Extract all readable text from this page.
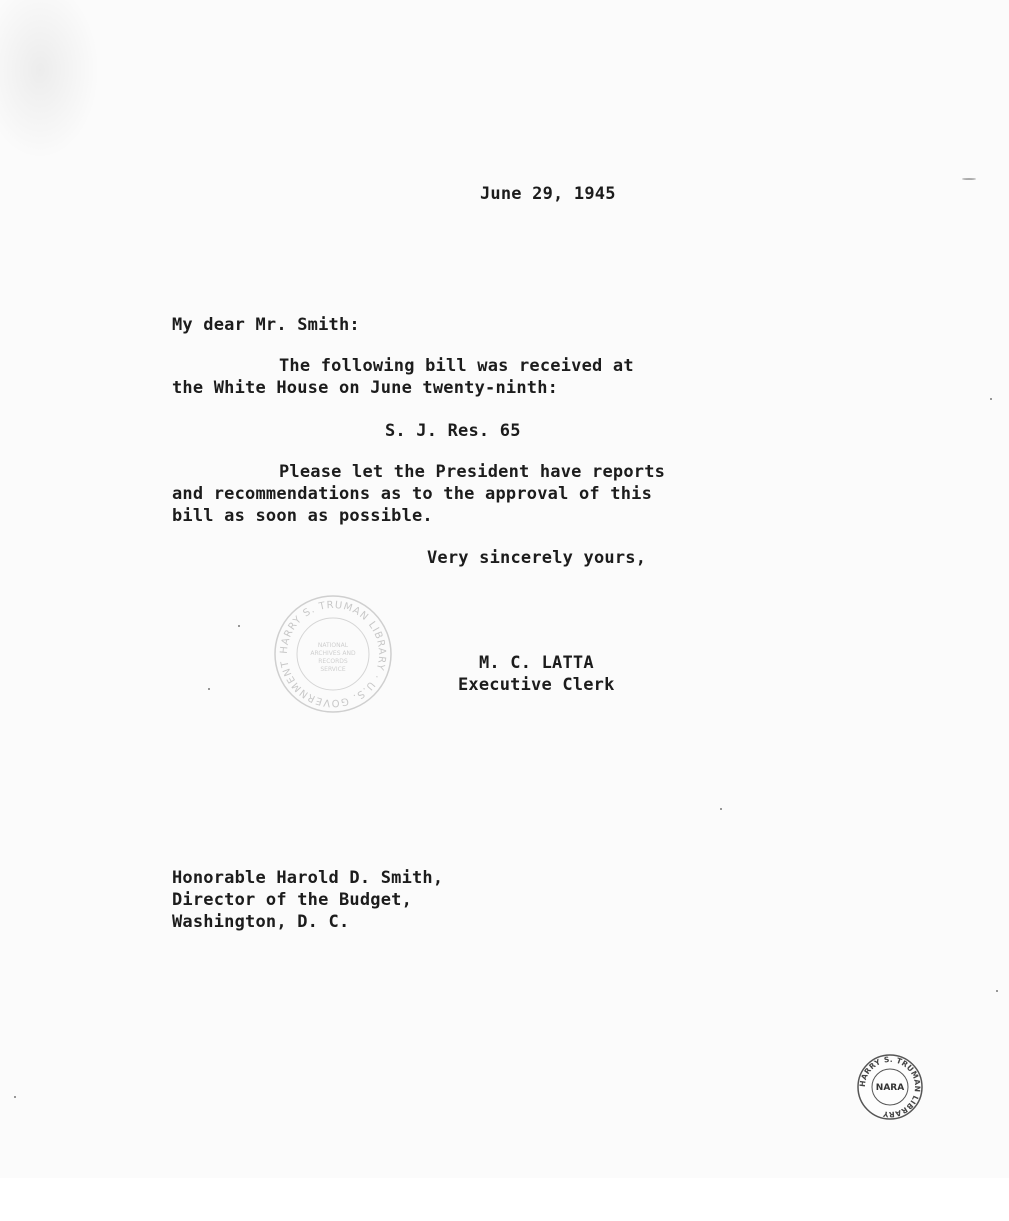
June 29, 1945

My dear Mr. Smith:

The following bill was received at

the White House on June twenty-ninth:

S. J. Res. 65

Please let the President have reports

and recommendations as to the approval of this

bill as soon as possible.

Very sincerely yours,

M. C. LATTA

Executive Clerk

Honorable Harold D. Smith,

Director of the Budget,

Washington, D. C.

HARRY S. TRUMAN LIBRARY · U.S. GOVERNMENT
NATIONAL
ARCHIVES AND
RECORDS
SERVICE
HARRY S. TRUMAN LIBRARY
NARA
